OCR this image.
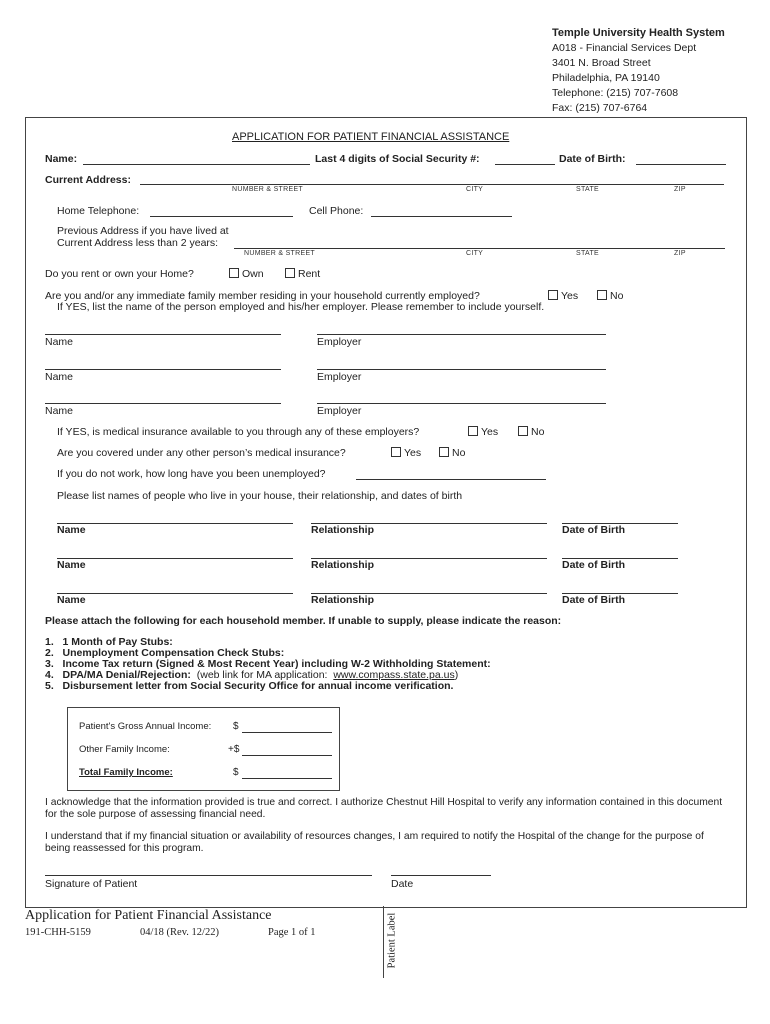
Temple University Health System
A018 - Financial Services Dept
3401 N. Broad Street
Philadelphia, PA 19140
Telephone: (215) 707-7608
Fax: (215) 707-6764
APPLICATION FOR PATIENT FINANCIAL ASSISTANCE
Name:	Last 4 digits of Social Security #:	Date of Birth:
Current Address:
NUMBER & STREET	CITY	STATE	ZIP
Home Telephone:	Cell Phone:
Previous Address if you have lived at
Current Address less than 2 years:
NUMBER & STREET	CITY	STATE	ZIP
Do you rent or own your Home?	Own	Rent
Are you and/or any immediate family member residing in your household currently employed?	Yes	No
If YES, list the name of the person employed and his/her employer. Please remember to include yourself.
Name	Employer
Name	Employer
Name	Employer
If YES, is medical insurance available to you through any of these employers?	Yes	No
Are you covered under any other person’s medical insurance?	Yes	No
If you do not work, how long have you been unemployed?
Please list names of people who live in your house, their relationship, and dates of birth
Name	Relationship	Date of Birth
Name	Relationship	Date of Birth
Name	Relationship	Date of Birth
Please attach the following for each household member. If unable to supply, please indicate the reason:
1. 1 Month of Pay Stubs:
2. Unemployment Compensation Check Stubs:
3. Income Tax return (Signed & Most Recent Year) including W-2 Withholding Statement:
4. DPA/MA Denial/Rejection: (web link for MA application: www.compass.state.pa.us)
5. Disbursement letter from Social Security Office for annual income verification.
Patient's Gross Annual Income: $
Other Family Income:	+$
Total Family Income:	$
I acknowledge that the information provided is true and correct. I authorize Chestnut Hill Hospital to verify any information contained in this document for the sole purpose of assessing financial need.
I understand that if my financial situation or availability of resources changes, I am required to notify the Hospital of the change for the purpose of being reassessed for this program.
Signature of Patient	Date
Application for Patient Financial Assistance
191-CHH-5159	04/18 (Rev. 12/22)	Page 1 of 1	Patient Label
